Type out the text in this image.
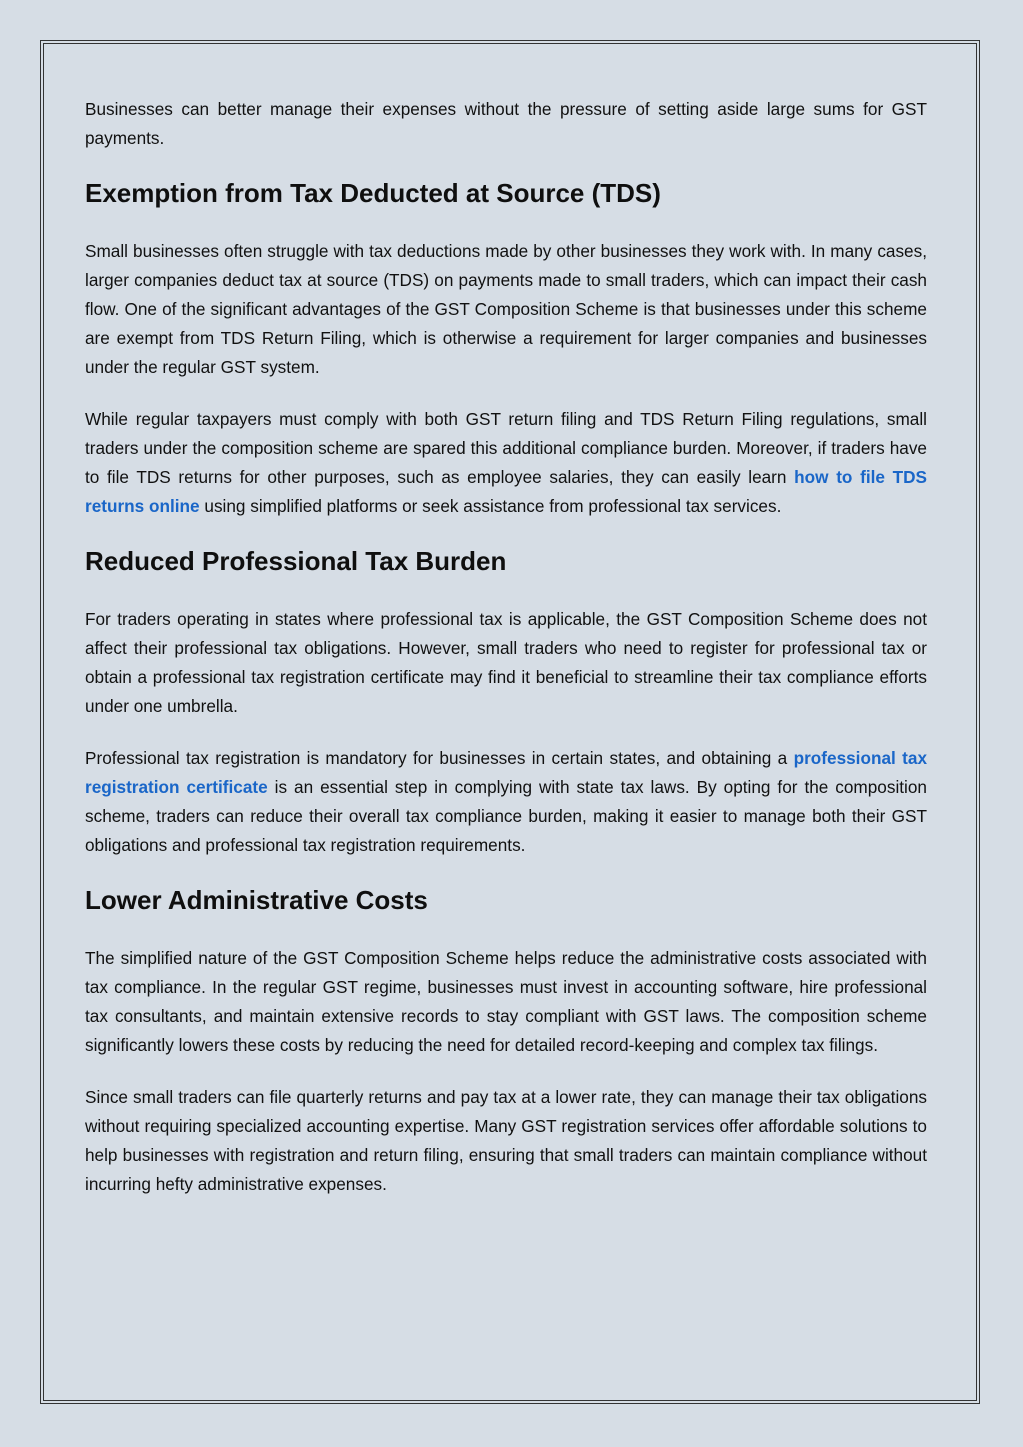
Businesses can better manage their expenses without the pressure of setting aside large sums for GST payments.

Exemption from Tax Deducted at Source (TDS)

Small businesses often struggle with tax deductions made by other businesses they work with. In many cases, larger companies deduct tax at source (TDS) on payments made to small traders, which can impact their cash flow. One of the significant advantages of the GST Composition Scheme is that businesses under this scheme are exempt from TDS Return Filing, which is otherwise a requirement for larger companies and businesses under the regular GST system.

While regular taxpayers must comply with both GST return filing and TDS Return Filing regulations, small traders under the composition scheme are spared this additional compliance burden. Moreover, if traders have to file TDS returns for other purposes, such as employee salaries, they can easily learn how to file TDS returns online using simplified platforms or seek assistance from professional tax services.

Reduced Professional Tax Burden

For traders operating in states where professional tax is applicable, the GST Composition Scheme does not affect their professional tax obligations. However, small traders who need to register for professional tax or obtain a professional tax registration certificate may find it beneficial to streamline their tax compliance efforts under one umbrella.

Professional tax registration is mandatory for businesses in certain states, and obtaining a professional tax registration certificate is an essential step in complying with state tax laws. By opting for the composition scheme, traders can reduce their overall tax compliance burden, making it easier to manage both their GST obligations and professional tax registration requirements.

Lower Administrative Costs

The simplified nature of the GST Composition Scheme helps reduce the administrative costs associated with tax compliance. In the regular GST regime, businesses must invest in accounting software, hire professional tax consultants, and maintain extensive records to stay compliant with GST laws. The composition scheme significantly lowers these costs by reducing the need for detailed record-keeping and complex tax filings.

Since small traders can file quarterly returns and pay tax at a lower rate, they can manage their tax obligations without requiring specialized accounting expertise. Many GST registration services offer affordable solutions to help businesses with registration and return filing, ensuring that small traders can maintain compliance without incurring hefty administrative expenses.
